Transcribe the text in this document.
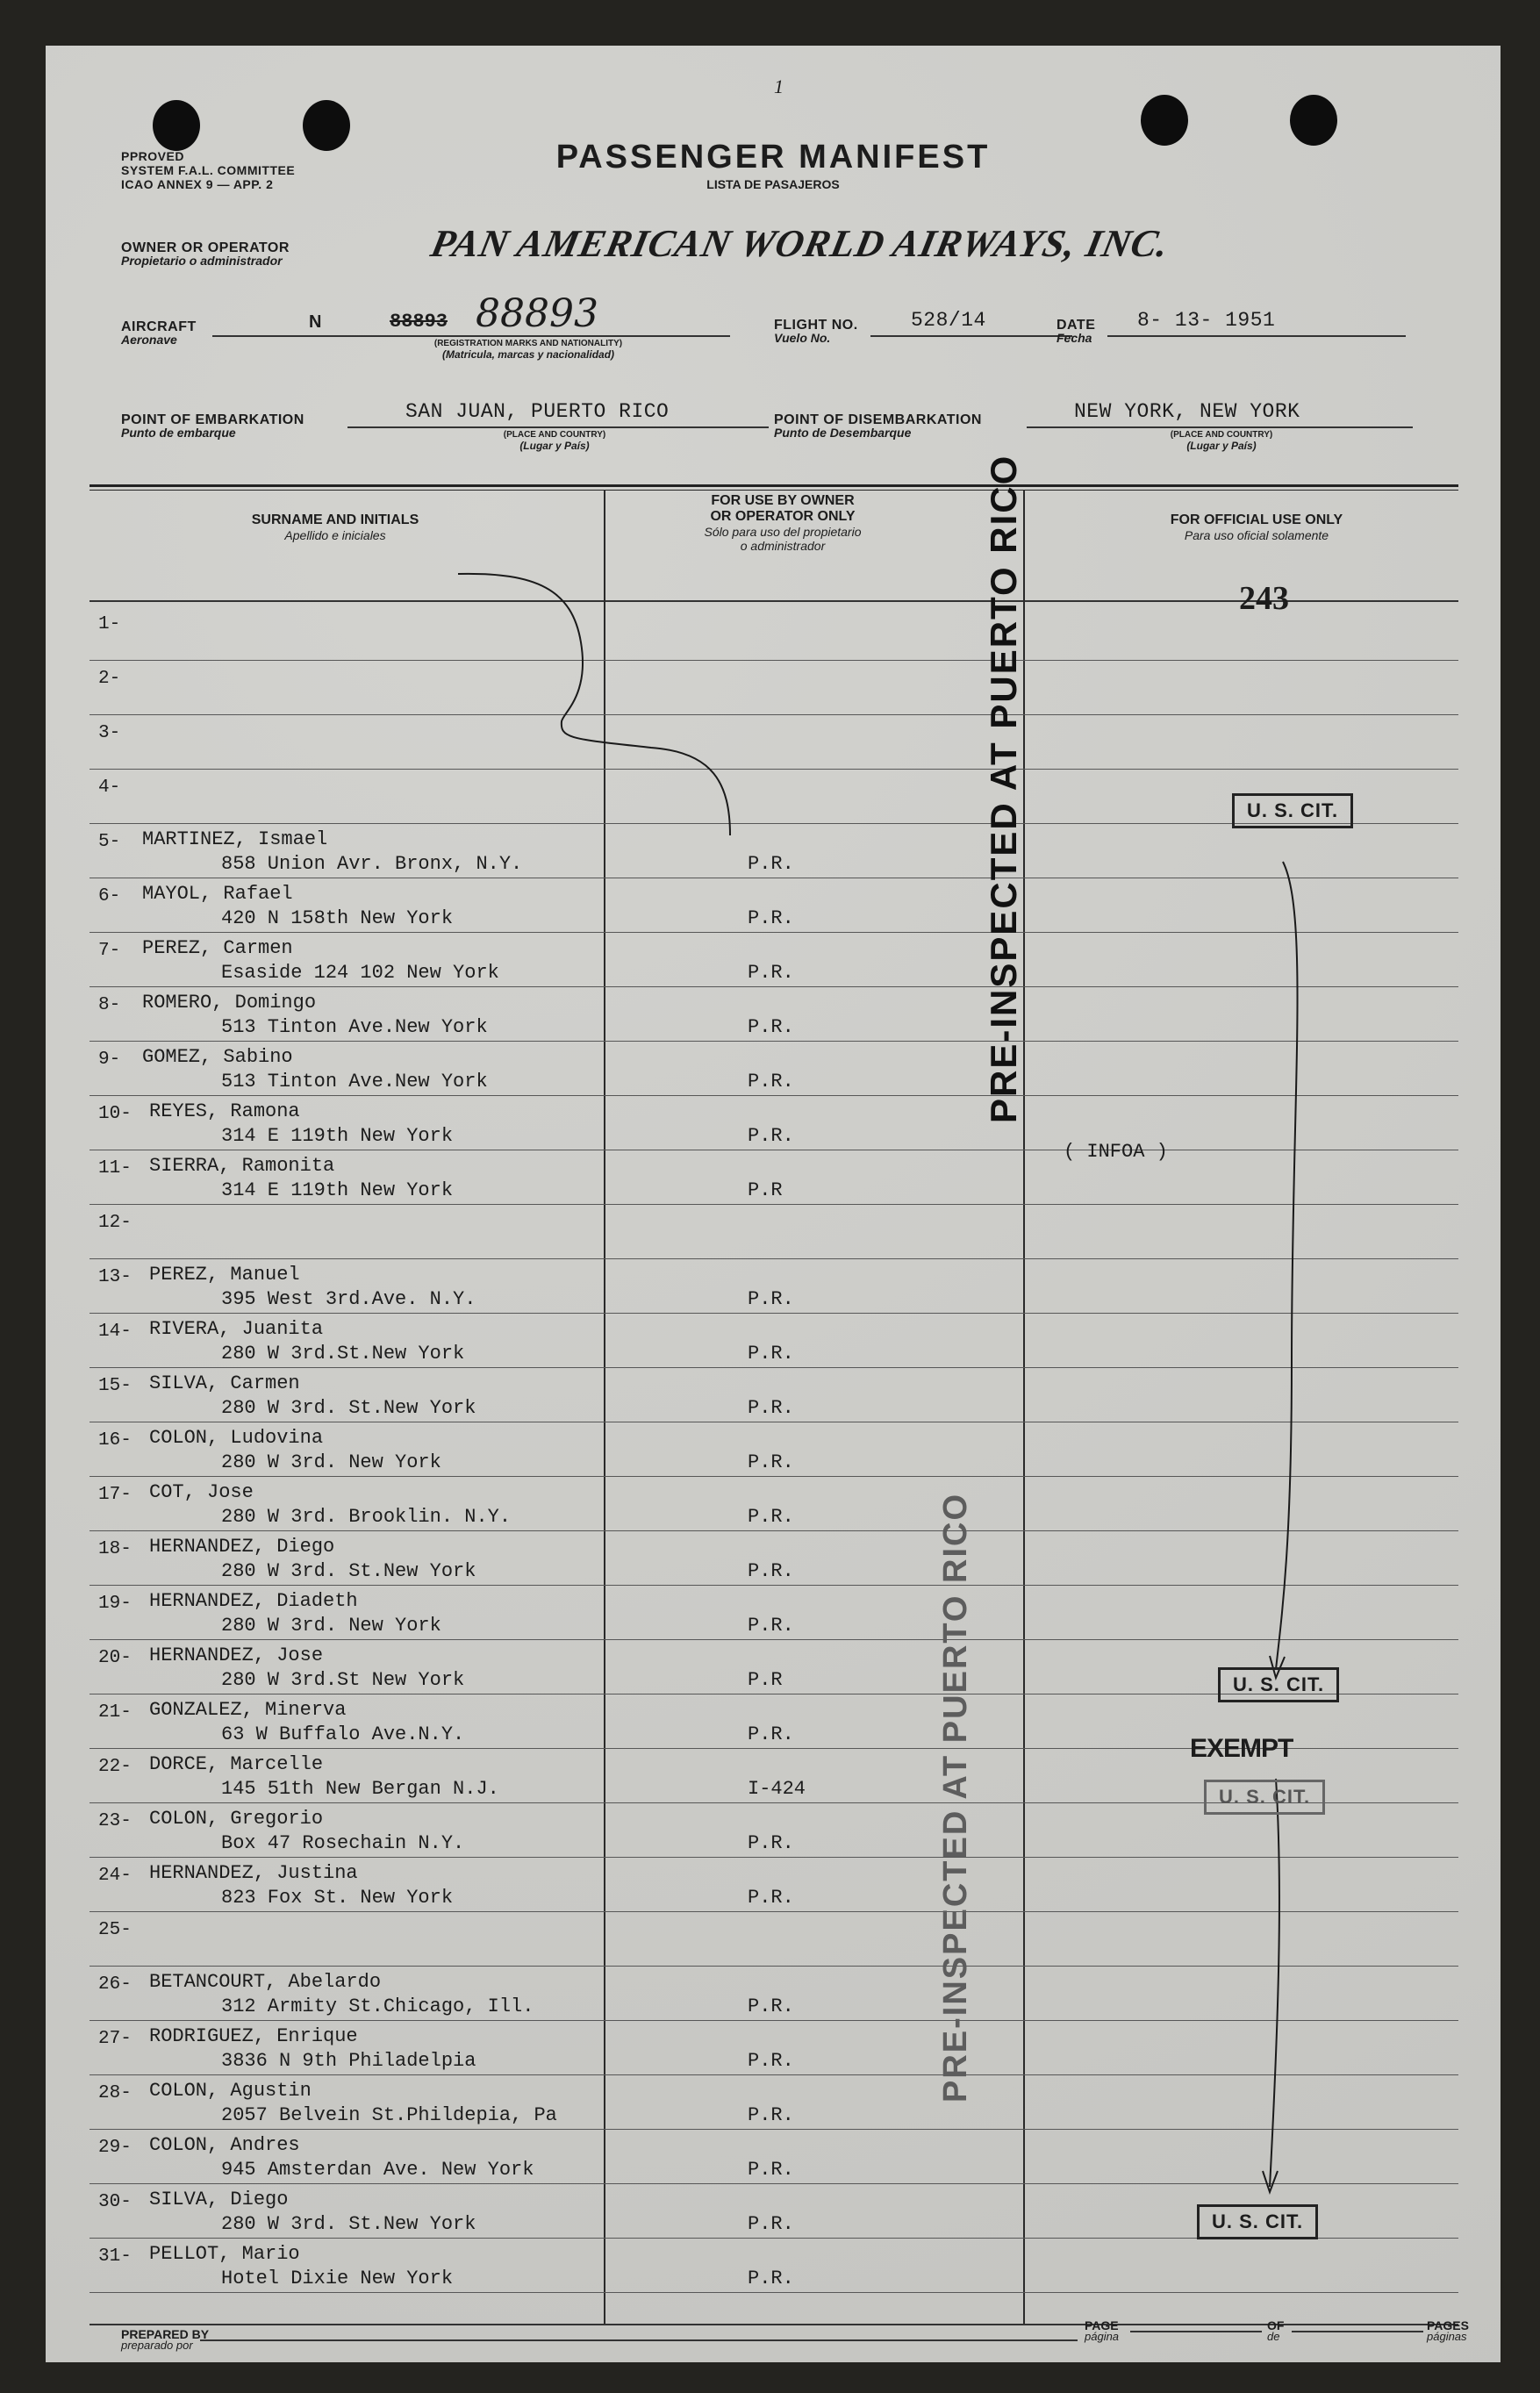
1
PPROVED
SYSTEM F.A.L. COMMITTEE
ICAO ANNEX 9 — APP. 2
PASSENGER MANIFEST
LISTA DE PASAJEROS
OWNER OR OPERATOR
Propietario o administrador	PAN AMERICAN WORLD AIRWAYS, INC.
AIRCRAFT
Aeronave
N	88893 88893
(REGISTRATION MARKS AND NATIONALITY)
(Matricula, marcas y nacionalidad)
FLIGHT NO.
Vuelo No.
528/14	DATE
Fecha
8- 13- 1951
POINT OF EMBARKATION
Punto de embarque
SAN JUAN, PUERTO RICO
(PLACE AND COUNTRY)
(Lugar y País)
POINT OF DISEMBARKATION
Punto de Desembarque
NEW YORK, NEW YORK
(PLACE AND COUNTRY)
(Lugar y País)
SURNAME AND INITIALS
Apellido e iniciales
FOR USE BY OWNER
OR OPERATOR ONLY
Sólo para uso del propietario
o administrador
FOR OFFICIAL USE ONLY
Para uso oficial solamente
1-
2-
3-
4-
5- MARTINEZ, Ismael
858 Union Avr. Bronx, N.Y.	P.R.
6- MAYOL, Rafael
420 N 158th New York	P.R.
7- PEREZ, Carmen
Esaside 124 102 New York	P.R.
8- ROMERO, Domingo
513 Tinton Ave.New York	P.R.
9- GOMEZ, Sabino
513 Tinton Ave.New York	P.R.
10- REYES, Ramona
314 E 119th New York	P.R.
11- SIERRA, Ramonita
314 E 119th New York	P.R
12-
13- PEREZ, Manuel
395 West 3rd.Ave. N.Y.	P.R.
14- RIVERA, Juanita
280 W 3rd.St.New York	P.R.
15- SILVA, Carmen
280 W 3rd. St.New York	P.R.
16- COLON, Ludovina
280 W 3rd. New York	P.R.
17- COT, Jose
280 W 3rd. Brooklin. N.Y.	P.R.
18- HERNANDEZ, Diego
280 W 3rd. St.New York	P.R.
19- HERNANDEZ, Diadeth
280 W 3rd. New York	P.R.
20- HERNANDEZ, Jose
280 W 3rd.St New York	P.R
21- GONZALEZ, Minerva
63 W Buffalo Ave.N.Y.	P.R.
22- DORCE, Marcelle
145 51th New Bergan N.J.	I-424
23- COLON, Gregorio
Box 47 Rosechain N.Y.	P.R.
24- HERNANDEZ, Justina
823 Fox St. New York	P.R.
25-
26- BETANCOURT, Abelardo
312 Armity St.Chicago, Ill.	P.R.
27- RODRIGUEZ, Enrique
3836 N 9th Philadelpia	P.R.
28- COLON, Agustin
2057 Belvein St.Phildepia, Pa	P.R.
29- COLON, Andres
945 Amsterdan Ave. New York	P.R.
30- SILVA, Diego
280 W 3rd. St.New York	P.R.
31- PELLOT, Mario
Hotel Dixie New York	P.R.
243
PRE-INSPECTED AT PUERTO RICO
PRE-INSPECTED AT PUERTO RICO
U. S. CIT.
( INFOA )
U. S. CIT.
EXEMPT
U. S. CIT.
U. S. CIT.
PREPARED BY
preparado por
PAGE
página
OF
de
PAGES
páginas
